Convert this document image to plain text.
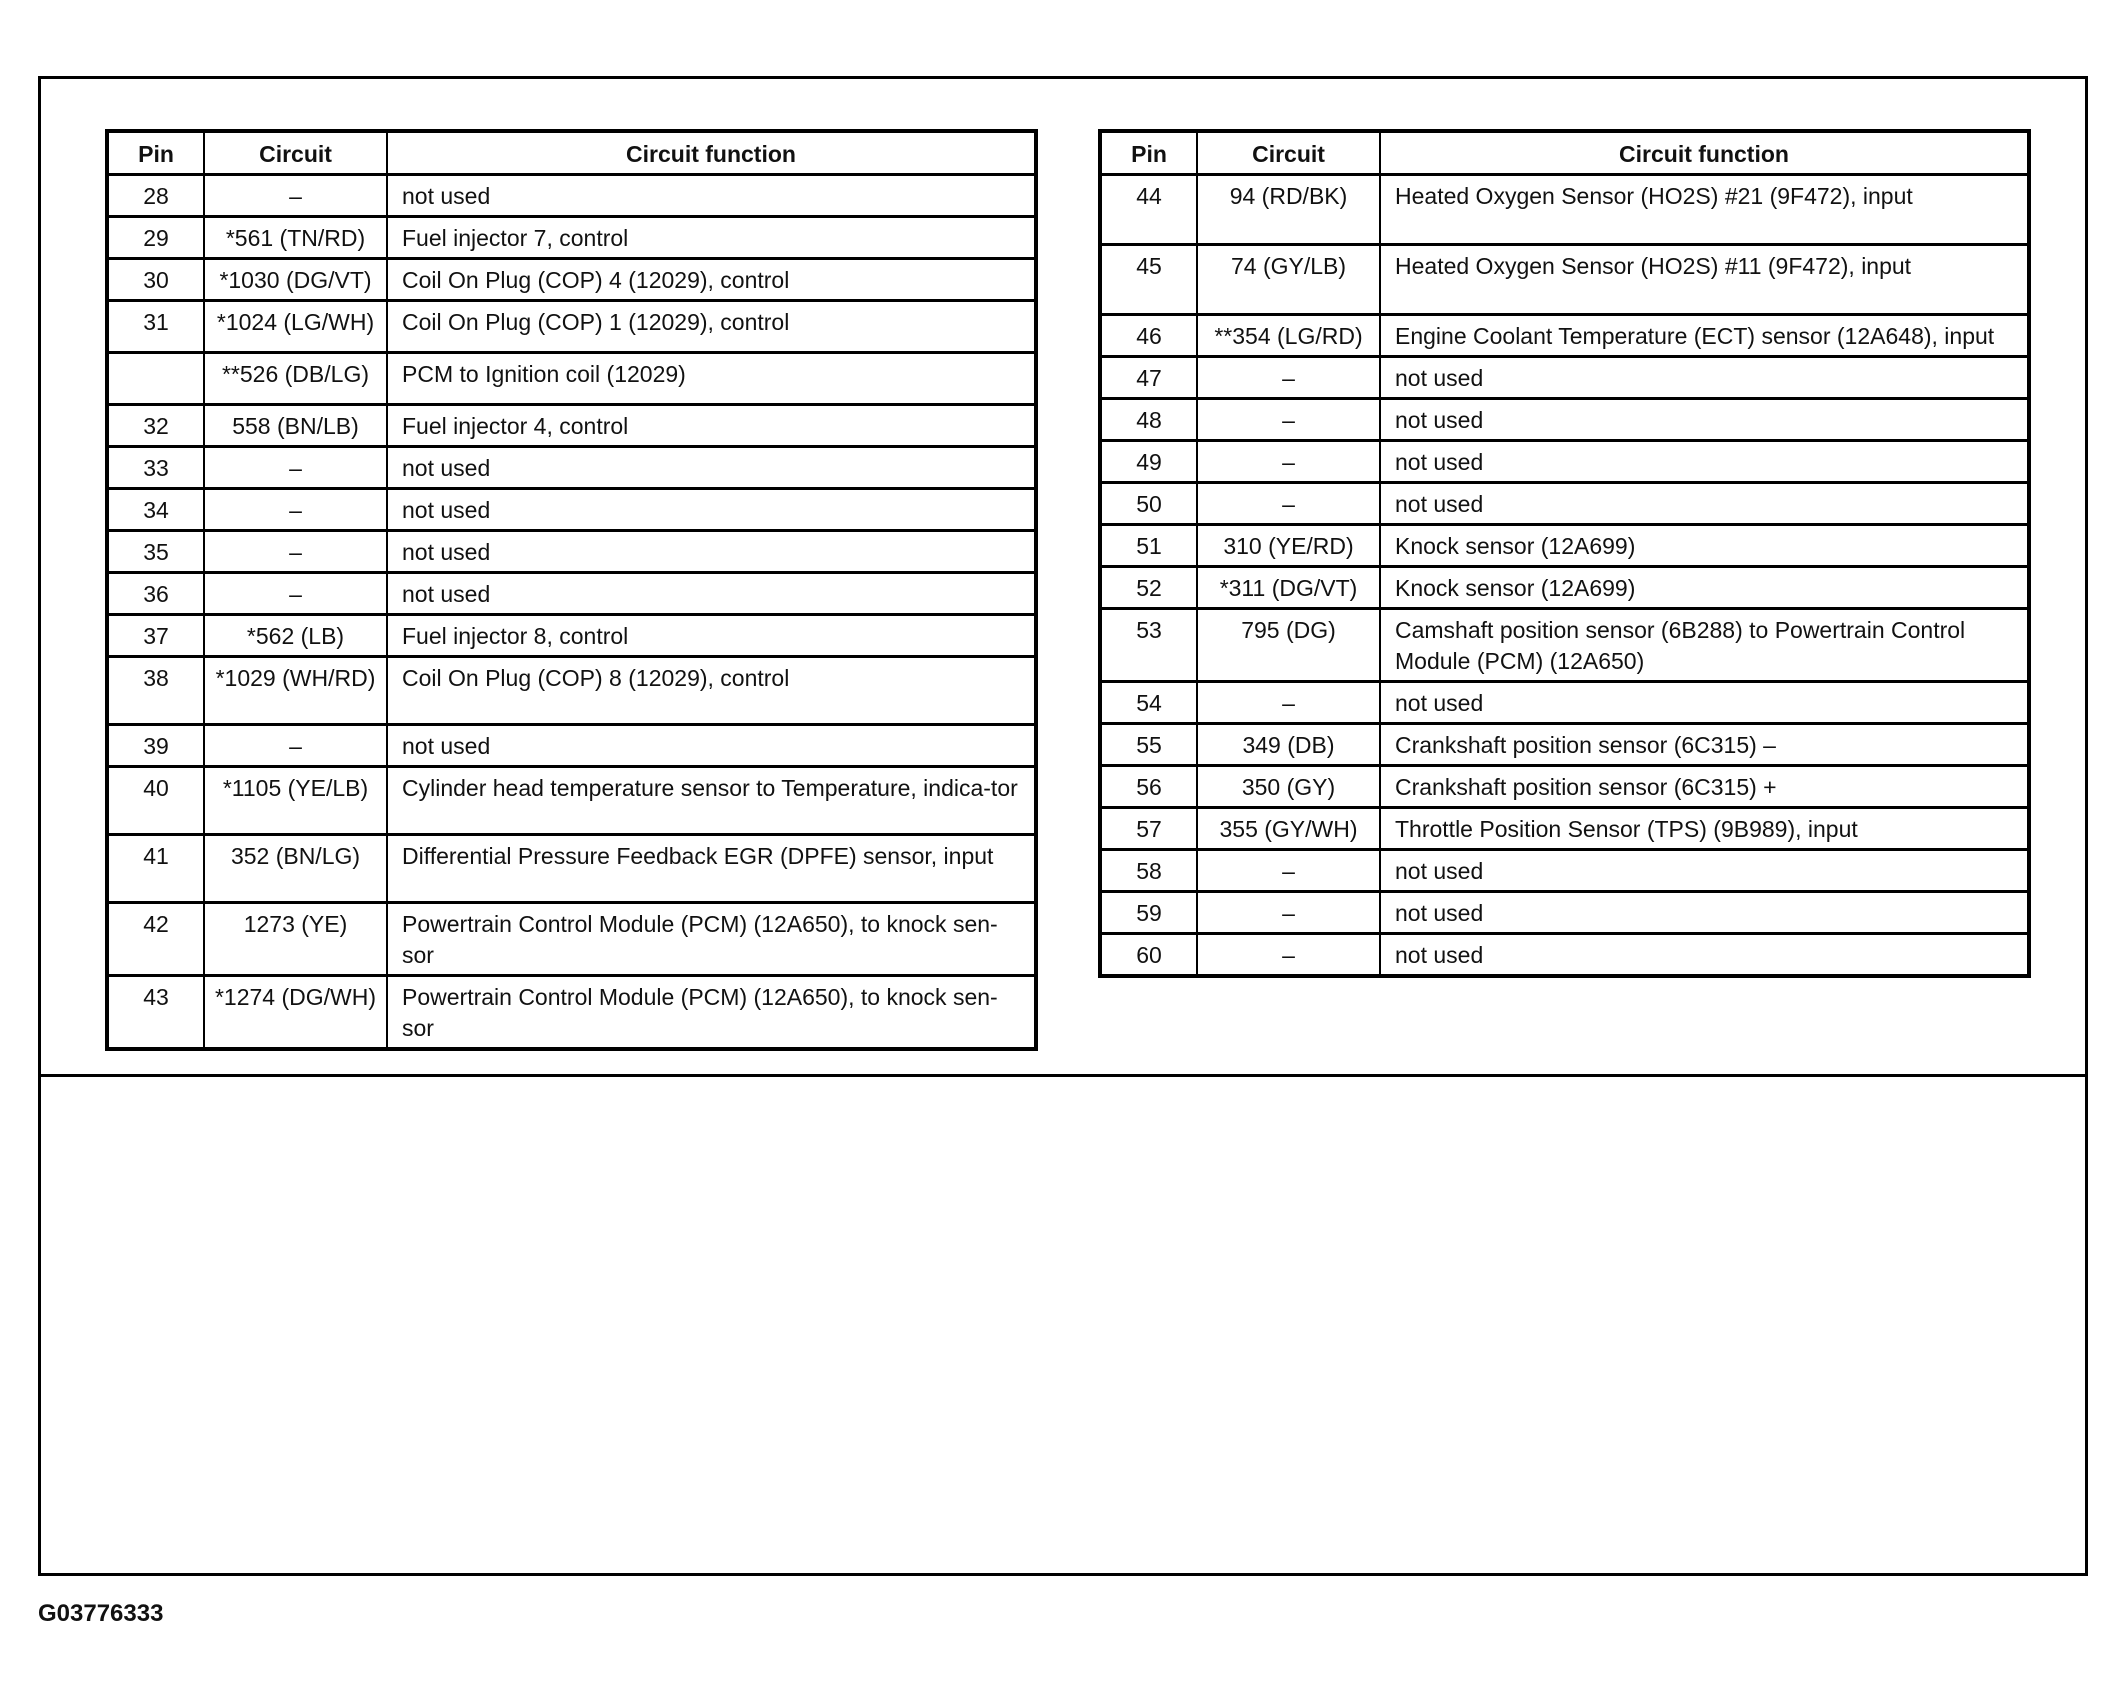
Pin	Circuit	Circuit function
28	–	not used
29	*561 (TN/RD)	Fuel injector 7, control
30	*1030 (DG/VT)	Coil On Plug (COP) 4 (12029), control
31	*1024 (LG/WH)	Coil On Plug (COP) 1 (12029), control
	**526 (DB/LG)	PCM to Ignition coil (12029)
32	558 (BN/LB)	Fuel injector 4, control
33	–	not used
34	–	not used
35	–	not used
36	–	not used
37	*562 (LB)	Fuel injector 8, control
38	*1029 (WH/RD)	Coil On Plug (COP) 8 (12029), control
39	–	not used
40	*1105 (YE/LB)	Cylinder head temperature sensor to Temperature, indica-tor
41	352 (BN/LG)	Differential Pressure Feedback EGR (DPFE) sensor, input
42	1273 (YE)	Powertrain Control Module (PCM) (12A650), to knock sen-sor
43	*1274 (DG/WH)	Powertrain Control Module (PCM) (12A650), to knock sen-sor
Pin	Circuit	Circuit function
44	94 (RD/BK)	Heated Oxygen Sensor (HO2S) #21 (9F472), input
45	74 (GY/LB)	Heated Oxygen Sensor (HO2S) #11 (9F472), input
46	**354 (LG/RD)	Engine Coolant Temperature (ECT) sensor (12A648), input
47	–	not used
48	–	not used
49	–	not used
50	–	not used
51	310 (YE/RD)	Knock sensor (12A699)
52	*311 (DG/VT)	Knock sensor (12A699)
53	795 (DG)	Camshaft position sensor (6B288) to Powertrain Control Module (PCM) (12A650)
54	–	not used
55	349 (DB)	Crankshaft position sensor (6C315) –
56	350 (GY)	Crankshaft position sensor (6C315) +
57	355 (GY/WH)	Throttle Position Sensor (TPS) (9B989), input
58	–	not used
59	–	not used
60	–	not used
G03776333
